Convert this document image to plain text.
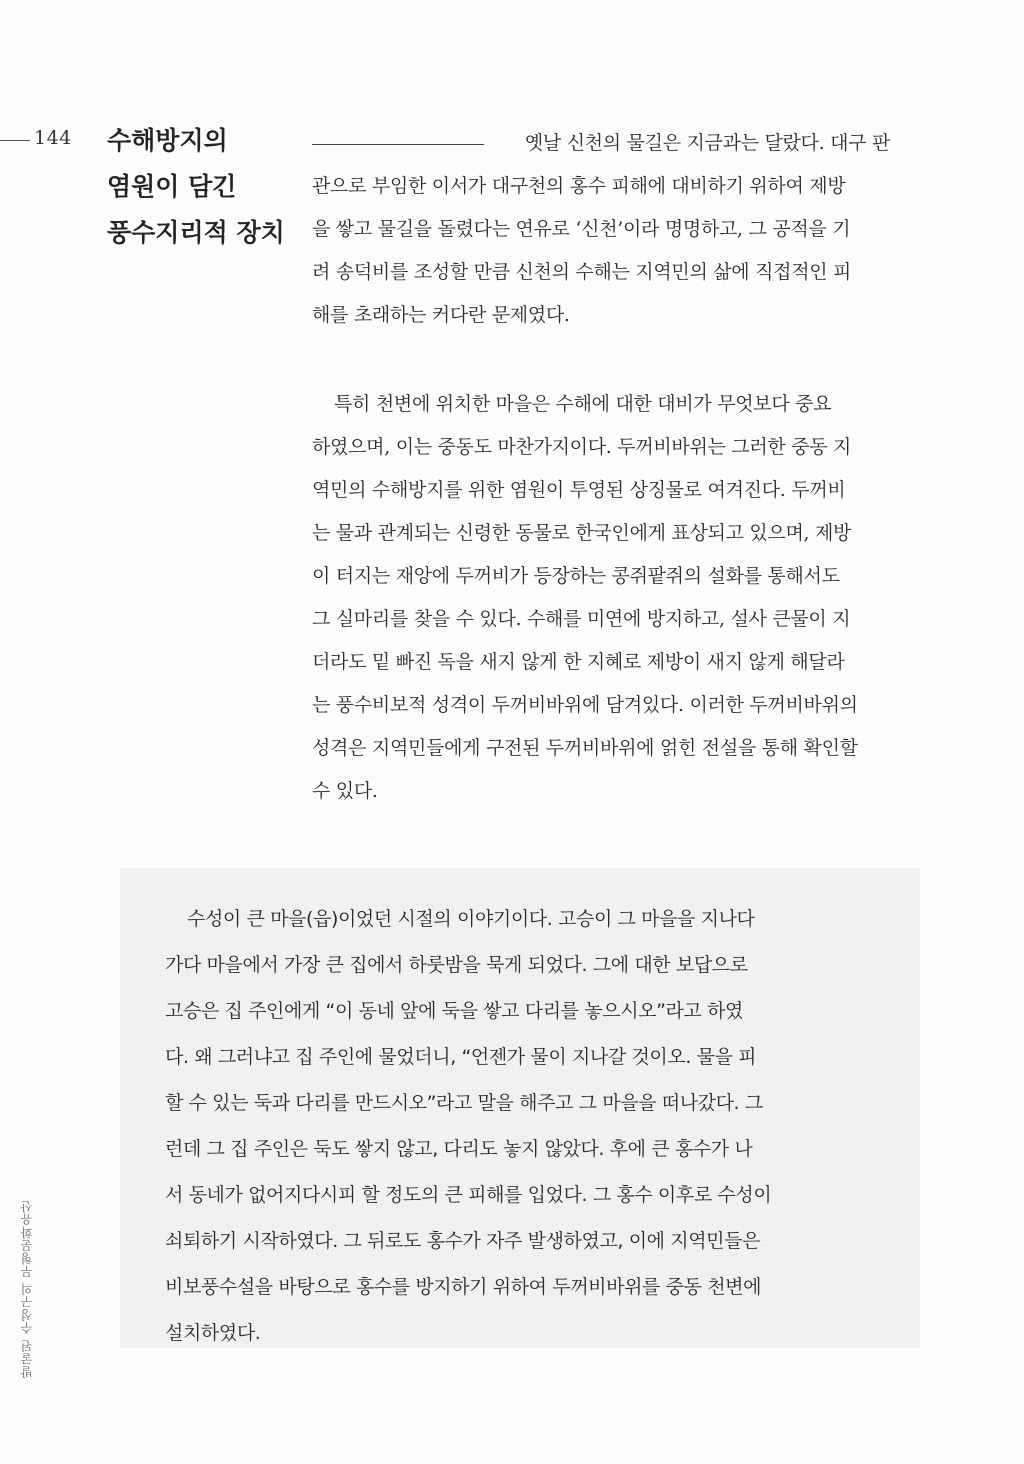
144 수해방지의
염원이 담긴
풍수지리적 장치
옛날 신천의 물길은 지금과는 달랐다. 대구 판
관으로 부임한 이서가 대구천의 홍수 피해에 대비하기 위하여 제방
을 쌓고 물길을 돌렸다는 연유로 ‘신천’이라 명명하고, 그 공적을 기
려 송덕비를 조성할 만큼 신천의 수해는 지역민의 삶에 직접적인 피
해를 초래하는 커다란 문제였다.
특히 천변에 위치한 마을은 수해에 대한 대비가 무엇보다 중요
하였으며, 이는 중동도 마찬가지이다. 두꺼비바위는 그러한 중동 지
역민의 수해방지를 위한 염원이 투영된 상징물로 여겨진다. 두꺼비
는 물과 관계되는 신령한 동물로 한국인에게 표상되고 있으며, 제방
이 터지는 재앙에 두꺼비가 등장하는 콩쥐팥쥐의 설화를 통해서도
그 실마리를 찾을 수 있다. 수해를 미연에 방지하고, 설사 큰물이 지
더라도 밑 빠진 독을 새지 않게 한 지혜로 제방이 새지 않게 해달라
는 풍수비보적 성격이 두꺼비바위에 담겨있다. 이러한 두꺼비바위의
성격은 지역민들에게 구전된 두꺼비바위에 얽힌 전설을 통해 확인할
수 있다.
수성이 큰 마을(읍)이었던 시절의 이야기이다. 고승이 그 마을을 지나다
가다 마을에서 가장 큰 집에서 하룻밤을 묵게 되었다. 그에 대한 보답으로
고승은 집 주인에게 “이 동네 앞에 둑을 쌓고 다리를 놓으시오”라고 하였
다. 왜 그러냐고 집 주인에 물었더니, “언젠가 물이 지나갈 것이오. 물을 피
할 수 있는 둑과 다리를 만드시오”라고 말을 해주고 그 마을을 떠나갔다. 그
런데 그 집 주인은 둑도 쌓지 않고, 다리도 놓지 않았다. 후에 큰 홍수가 나
서 동네가 없어지다시피 할 정도의 큰 피해를 입었다. 그 홍수 이후로 수성이
쇠퇴하기 시작하였다. 그 뒤로도 홍수가 자주 발생하였고, 이에 지역민들은
비보풍수설을 바탕으로 홍수를 방지하기 위하여 두꺼비바위를 중동 천변에
설치하였다.
발굴된 수성구의 무형문화유산
